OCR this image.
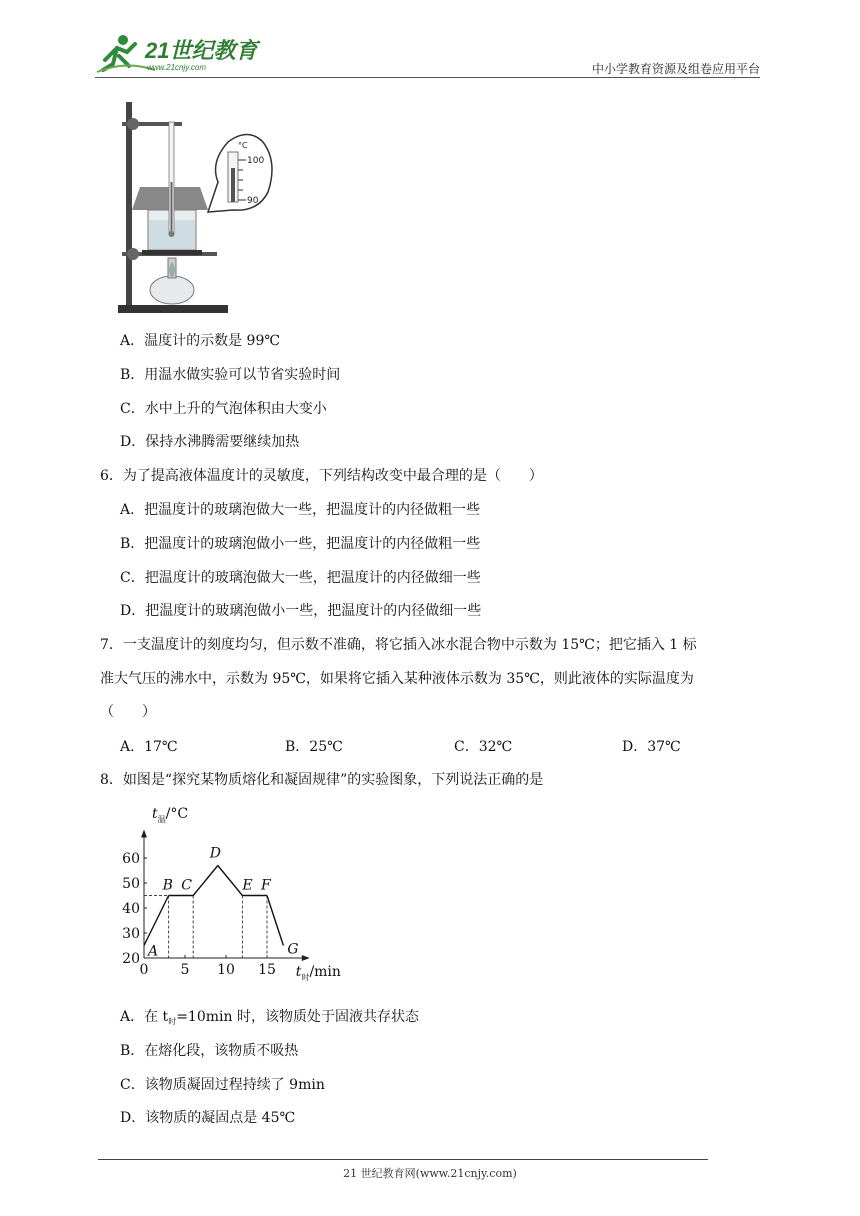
21世纪教育
www.21cnjy.com	中小学教育资源及组卷应用平台
°C
100
90
A．温度计的示数是 99℃
B．用温水做实验可以节省实验时间
C．水中上升的气泡体积由大变小
D．保持水沸腾需要继续加热
6．为了提高液体温度计的灵敏度，下列结构改变中最合理的是（　　）
A．把温度计的玻璃泡做大一些，把温度计的内径做粗一些
B．把温度计的玻璃泡做小一些，把温度计的内径做粗一些
C．把温度计的玻璃泡做大一些，把温度计的内径做细一些
D．把温度计的玻璃泡做小一些，把温度计的内径做细一些
7．一支温度计的刻度均匀，但示数不准确，将它插入冰水混合物中示数为 15℃；把它插入 1 标
准大气压的沸水中，示数为 95℃，如果将它插入某种液体示数为 35℃，则此液体的实际温度为
（　　）
A．17℃	B．25℃	C．32℃	D．37℃
8．如图是“探究某物质熔化和凝固规律”的实验图象，下列说法正确的是
20
30
40
50
60
0 5 10 15
A
B C
D
E F
G
$t_温/^\circ C$
$t_时/\min$
A．在 $t_时=10\min$ 时，该物质处于固液共存状态
B．在熔化段，该物质不吸热
C．该物质凝固过程持续了 9min
D．该物质的凝固点是 45℃
21 世纪教育网(www.21cnjy.com)
